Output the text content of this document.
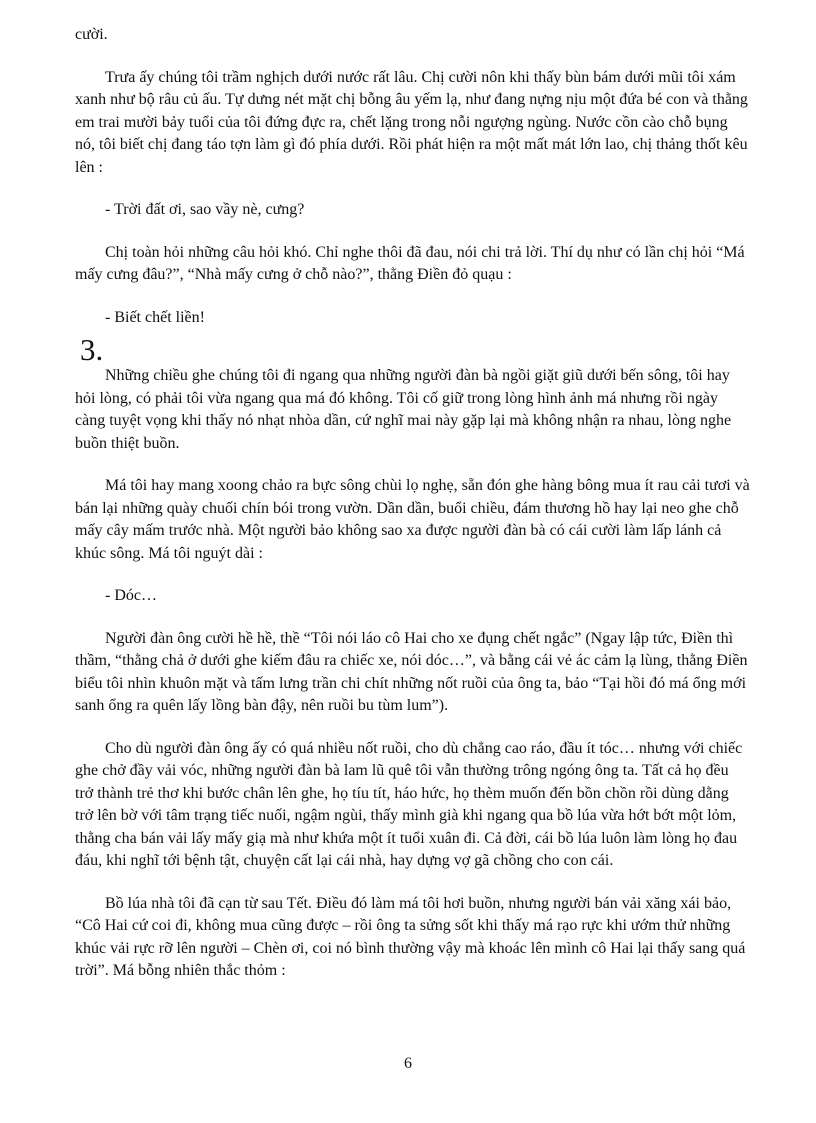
cười.

Trưa ấy chúng tôi trầm nghịch dưới nước rất lâu. Chị cười nôn khi thấy bùn bám dưới mũi tôi xám xanh như bộ râu củ ấu. Tự dưng nét mặt chị bỗng âu yếm lạ, như đang nựng nịu một đứa bé con và thằng em trai mười bảy tuổi của tôi đứng đực ra, chết lặng trong nỗi ngượng ngùng. Nước cồn cào chỗ bụng nó, tôi biết chị đang táo tợn làm gì đó phía dưới. Rồi phát hiện ra một mất mát lớn lao, chị thảng thốt kêu lên :

- Trời đất ơi, sao vầy nè, cưng?

Chị toàn hỏi những câu hỏi khó. Chỉ nghe thôi đã đau, nói chi trả lời. Thí dụ như có lần chị hỏi “Má mấy cưng đâu?”, “Nhà mấy cưng ở chỗ nào?”, thằng Điền đỏ quạu :

- Biết chết liền!

3.

Những chiều ghe chúng tôi đi ngang qua những người đàn bà ngồi giặt giũ dưới bến sông, tôi hay hỏi lòng, có phải tôi vừa ngang qua má đó không. Tôi cố giữ trong lòng hình ảnh má nhưng rồi ngày càng tuyệt vọng khi thấy nó nhạt nhòa dần, cứ nghĩ mai này gặp lại mà không nhận ra nhau, lòng nghe buồn thiệt buồn.

Má tôi hay mang xoong chảo ra bực sông chùi lọ nghẹ, sẵn đón ghe hàng bông mua ít rau cải tươi và bán lại những quày chuối chín bói trong vườn. Dần dần, buổi chiều, đám thương hồ hay lại neo ghe chỗ mấy cây mấm trước nhà. Một người bảo không sao xa được người đàn bà có cái cười làm lấp lánh cả khúc sông. Má tôi nguýt dài :

- Dóc…

Người đàn ông cười hề hề, thề “Tôi nói láo cô Hai cho xe đụng chết ngắc” (Ngay lập tức, Điền thì thầm, “thằng chả ở dưới ghe kiếm đâu ra chiếc xe, nói dóc…”, và bằng cái vẻ ác cảm lạ lùng, thằng Điền biểu tôi nhìn khuôn mặt và tấm lưng trần chi chít những nốt ruồi của ông ta, bảo “Tại hồi đó má ổng mới sanh ổng ra quên lấy lồng bàn đậy, nên ruồi bu tùm lum”).

Cho dù người đàn ông ấy có quá nhiều nốt ruồi, cho dù chẳng cao ráo, đầu ít tóc… nhưng với chiếc ghe chở đầy vải vóc, những người đàn bà lam lũ quê tôi vẫn thường trông ngóng ông ta. Tất cả họ đều trở thành trẻ thơ khi bước chân lên ghe, họ tíu tít, háo hức, họ thèm muốn đến bồn chồn rồi dùng dằng trở lên bờ với tâm trạng tiếc nuối, ngậm ngùi, thấy mình già khi ngang qua bồ lúa vừa hớt bớt một lỏm, thằng cha bán vải lấy mấy giạ mà như khứa một ít tuổi xuân đi. Cả đời, cái bồ lúa luôn làm lòng họ đau đáu, khi nghĩ tới bệnh tật, chuyện cất lại cái nhà, hay dựng vợ gã chồng cho con cái.

Bồ lúa nhà tôi đã cạn từ sau Tết. Điều đó làm má tôi hơi buồn, nhưng người bán vải xăng xái bảo, “Cô Hai cứ coi đi, không mua cũng được – rồi ông ta sửng sốt khi thấy má rạo rực khi ướm thử những khúc vải rực rỡ lên người – Chèn ơi, coi nó bình thường vậy mà khoác lên mình cô Hai lại thấy sang quá trời”. Má bỗng nhiên thắc thỏm :

6
